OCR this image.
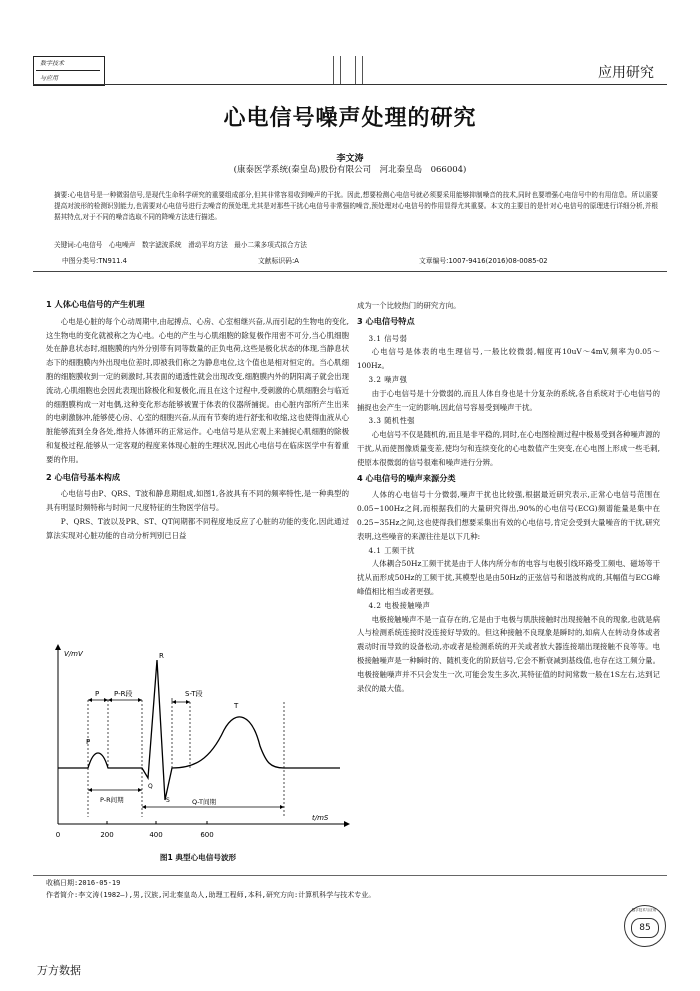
数字技术
与应用	应用研究
心电信号噪声处理的研究
李文涛
(康泰医学系统(秦皇岛)股份有限公司　河北秦皇岛　066004)
摘要:心电信号是一种微弱信号,是现代生命科学研究的重要组成部分,但其非常容易收到噪声的干扰。因此,想要检测心电信号就必须要采用能够抑制噪音的技术,同时也要增强心电信号中的有用信息。所以需要提高对波形的检测识别能力,也需要对心电信号进行去噪音的预处理,尤其是对那些干扰心电信号非常强的噪音,预处理对心电信号的作用显得尤其重要。本文的主要目的是针对心电信号的原理进行详细分析,并根据其特点,对于不同的噪音选取不同的降噪方法进行描述。
关键词:心电信号　心电噪声　数字滤波系统　滑动平均方法　最小二乘多项式拟合方法
中图分类号:TN911.4	文献标识码:A	文章编号:1007-9416(2016)08-0085-02
1 人体心电信号的产生机理

心电是心脏的每个心动周期中,由起搏点、心房、心室相继兴奋,从而引起的生物电的变化,这生物电的变化就被称之为心电。心电的产生与心肌细胞的除复极作用密不可分,当心肌细胞处在静息状态时,细胞膜的内外分别带有同等数量的正负电荷,这些是极化状态的体现,当静息状态下的细胞膜内外出现电位差时,即被我们称之为静息电位,这个值也是相对恒定的。当心肌细胞的细胞膜收到一定的刺激时,其表面的通透性就会出现改变,细胞膜内外的阴阳离子就会出现流动,心肌细胞也会因此表现出除极化和复极化,而且在这个过程中,受刺激的心肌细胞会与临近的细胞膜构成一对电偶,这种变化形态能够被置于体表的仪器所捕捉。由心脏内部所产生出来的电刺激脉冲,能够使心房、心室的细胞兴奋,从而有节奏的进行舒张和收缩,这也使得血液从心脏能够流到全身各处,维持人体循环的正常运作。心电信号是从宏观上来捕捉心肌细胞的除极和复极过程,能够从一定客观的程度来体现心脏的生理状况,因此心电信号在临床医学中有着重要的作用。

2 心电信号基本构成

心电信号由P、QRS、T波和静息期组成,如图1,各波具有不同的频率特性,是一种典型的具有明显时频特称与时间一尺度特征的生物医学信号。

P、QRS、T波以及PR、ST、QT间期都不同程度地反应了心脏的功能的变化,因此通过算法实现对心脏功能的自动分析判别已日益

V/mV
t/mS
0	200	400	600
P P-R段
P
R
Q
S
S-T段
T
P-R间期	Q-T间期
图1 典型心电信号波形

成为一个比较热门的研究方向。

3 心电信号特点
3.1 信号弱

心电信号是体表的电生理信号,一般比较微弱,幅度再10uV～4mV,频率为0.05～100Hz。

3.2 噪声强

由于心电信号是十分微弱的,而且人体自身也是十分复杂的系统,各自系统对于心电信号的捕捉也会产生一定的影响,因此信号容易受到噪声干扰。

3.3 随机性强

心电信号不仅是随机的,而且是非平稳的,同时,在心电图检测过程中极易受到各种噪声源的干扰,从而使图像质量变差,使均匀和连续变化的心电数值产生突变,在心电图上形成一些毛刺,使原本很微弱的信号很难和噪声进行分辨。

4 心电信号的噪声来源分类

人体的心电信号十分微弱,噪声干扰也比较强,根据最近研究表示,正常心电信号范围在0.05~100Hz之间,而根据我们的大量研究得出,90%的心电信号(ECG)频谱能量是集中在0.25~35Hz之间,这也使得我们想要采集出有效的心电信号,肯定会受到大量噪音的干扰,研究表明,这些噪音的来源往往是以下几种:

4.1 工频干扰

人体耦合50Hz工频干扰是由于人体内所分布的电容与电极引线环路受工频电、磁场等干扰从而形成50Hz的工频干扰,其模型也是由50Hz的正弦信号和谐波构成的,其幅值与ECG峰峰值相比相当或者更强。

4.2 电极接触噪声

电极接触噪声不是一直存在的,它是由于电极与肌肤接触时出现接触不良的现象,也就是病人与检测系统连接时没连接好导致的。但这种接触不良现象是瞬时的,如病人在转动身体或者震动时而导致的设备松动,亦或者是检测系统的开关或者放大器连接端出现接触不良等等。电极接触噪声是一种瞬时的、随机变化的阶跃信号,它会不断衰减到基线值,也存在这工频分量。电极接触噪声并不只会发生一次,可能会发生多次,其特征值的时间常数一般在1S左右,达到记录仪的最大值。

收稿日期:2016-05-19
作者简介:李文涛(1982—),男,汉族,河北秦皇岛人,助理工程师,本科,研究方向:计算机科学与技术专业。
数字技术与应用
85
万方数据
